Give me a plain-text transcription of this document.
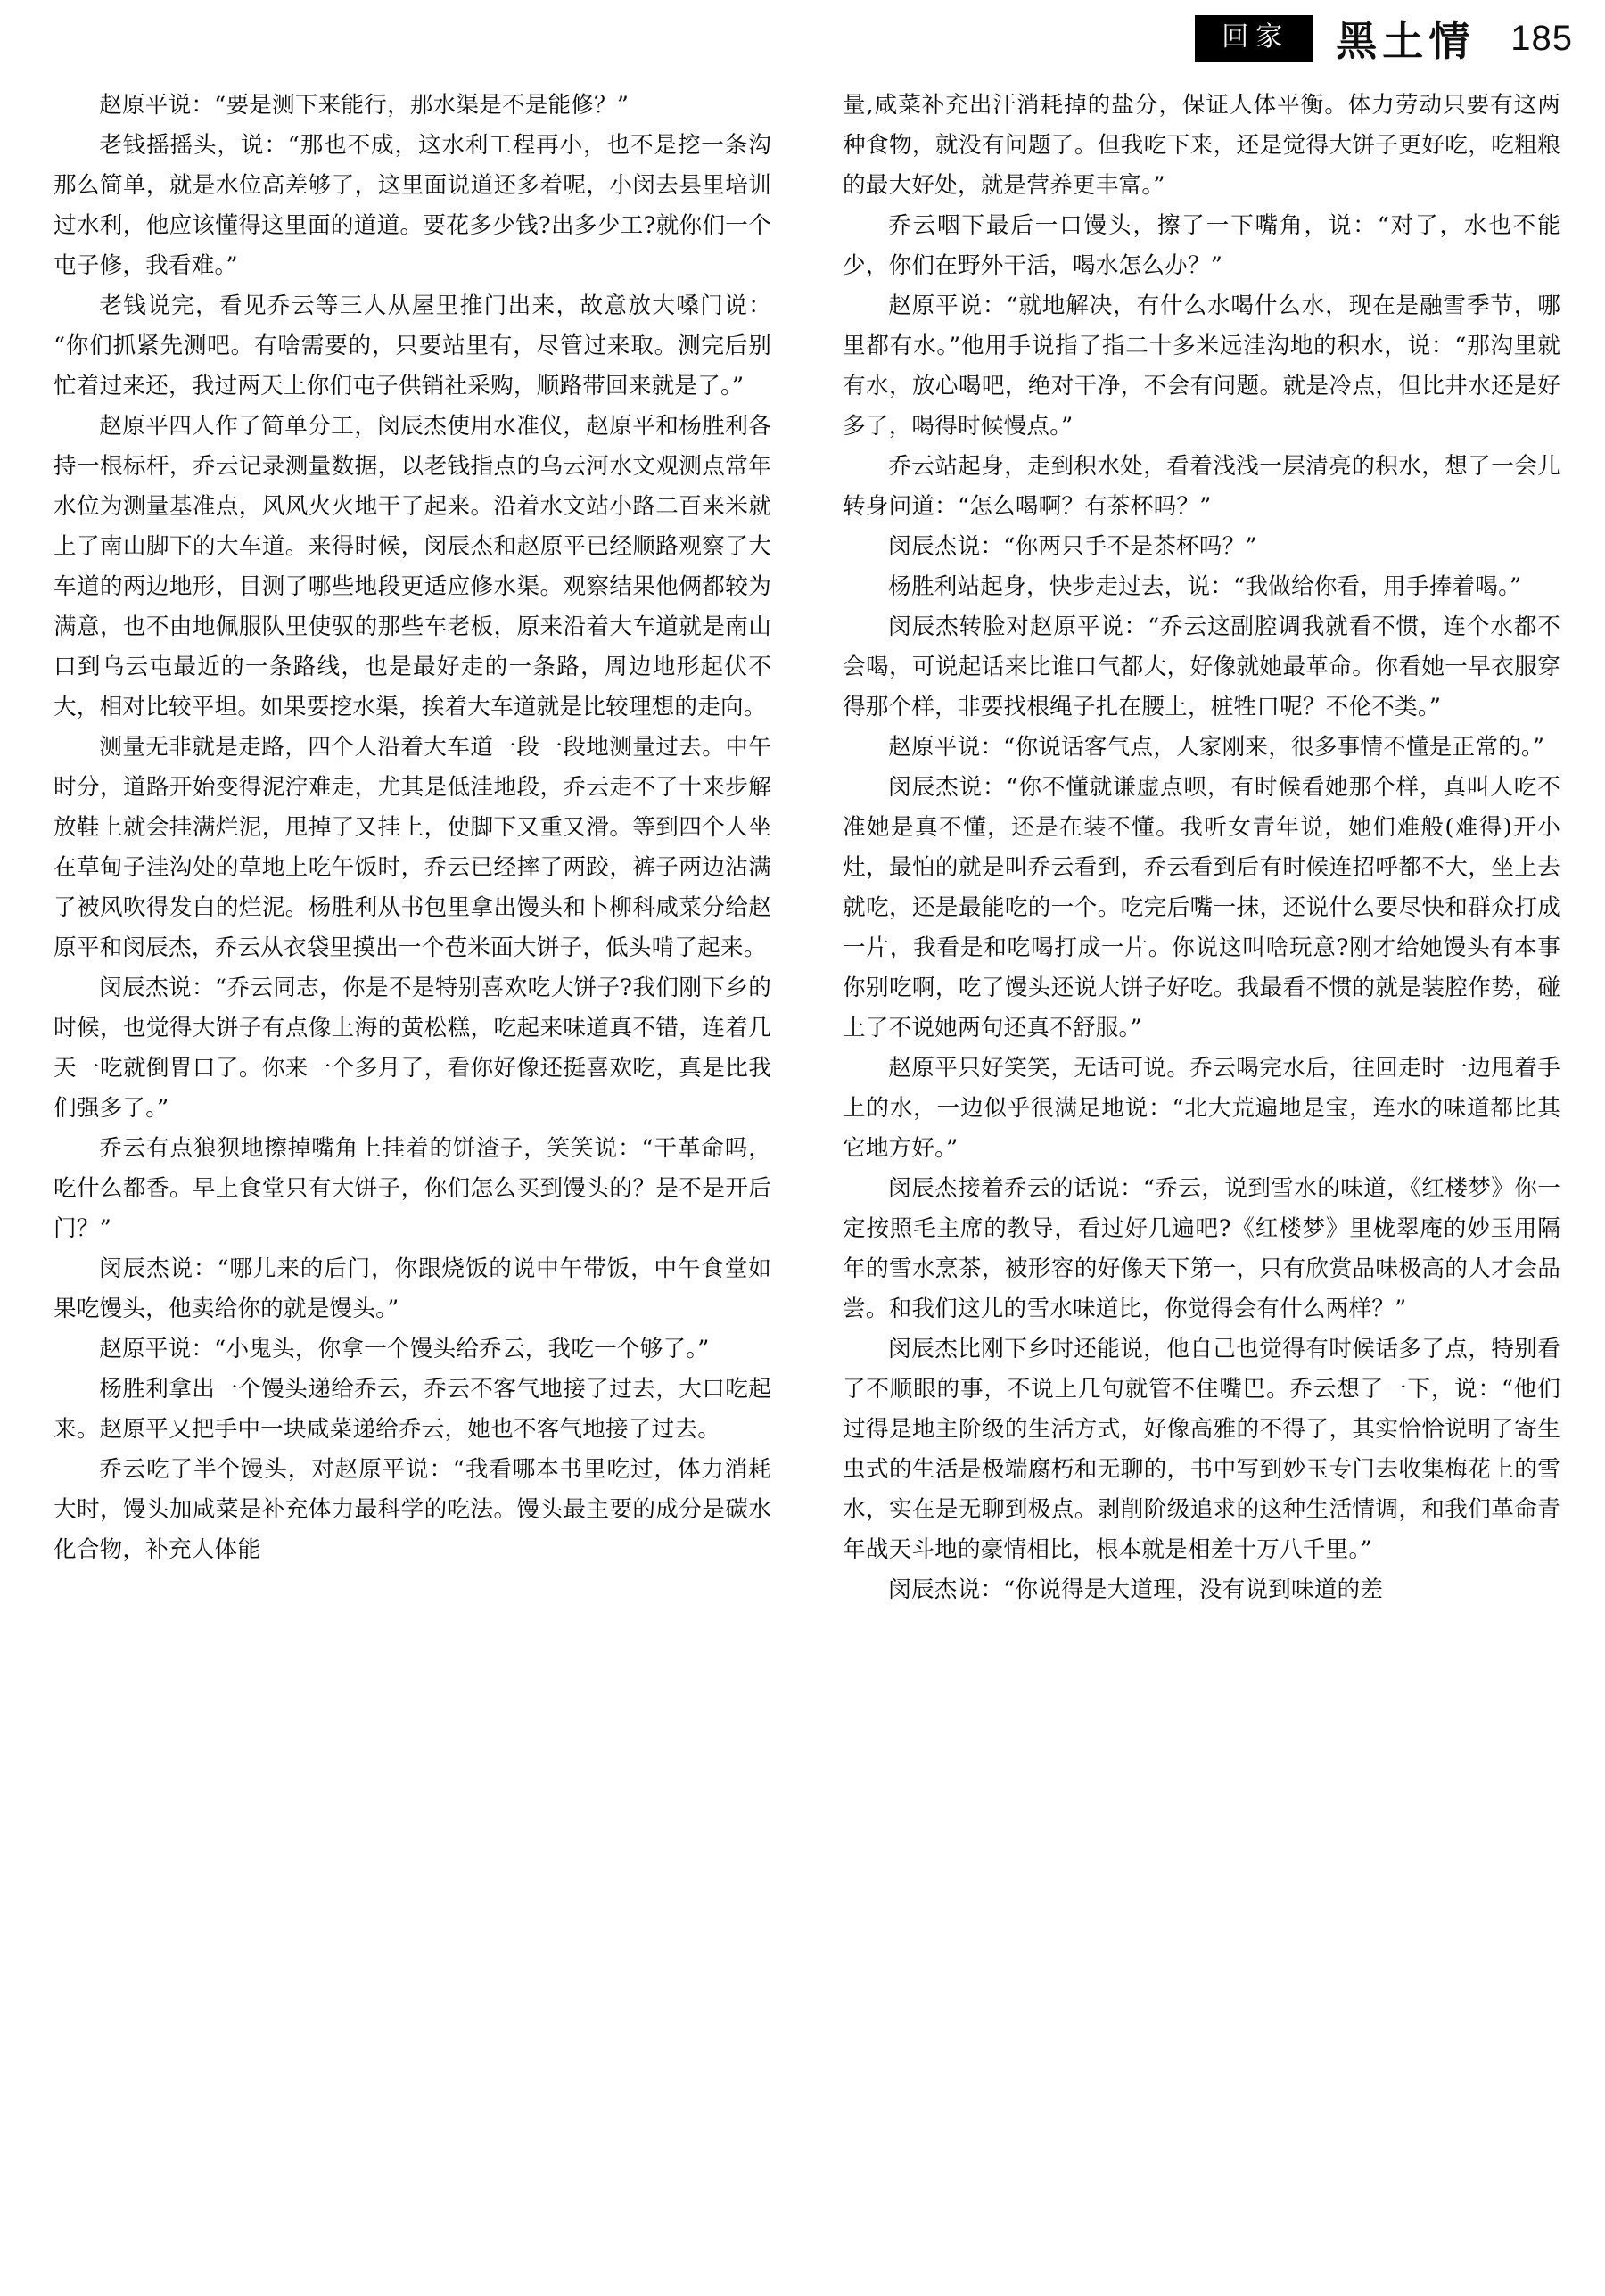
回家	黑土情 185

赵原平说：“要是测下来能行，那水渠是不是能修？”

老钱摇摇头，说：“那也不成，这水利工程再小，也不是挖一条沟那么简单，就是水位高差够了，这里面说道还多着呢，小闵去县里培训过水利，他应该懂得这里面的道道。要花多少钱?出多少工?就你们一个屯子修，我看难。”

老钱说完，看见乔云等三人从屋里推门出来，故意放大嗓门说：“你们抓紧先测吧。有啥需要的，只要站里有，尽管过来取。测完后别忙着过来还，我过两天上你们屯子供销社采购，顺路带回来就是了。”

赵原平四人作了简单分工，闵辰杰使用水准仪，赵原平和杨胜利各持一根标杆，乔云记录测量数据，以老钱指点的乌云河水文观测点常年水位为测量基准点，风风火火地干了起来。沿着水文站小路二百来米就上了南山脚下的大车道。来得时候，闵辰杰和赵原平已经顺路观察了大车道的两边地形，目测了哪些地段更适应修水渠。观察结果他俩都较为满意，也不由地佩服队里使驭的那些车老板，原来沿着大车道就是南山口到乌云屯最近的一条路线，也是最好走的一条路，周边地形起伏不大，相对比较平坦。如果要挖水渠，挨着大车道就是比较理想的走向。

测量无非就是走路，四个人沿着大车道一段一段地测量过去。中午时分，道路开始变得泥泞难走，尤其是低洼地段，乔云走不了十来步解放鞋上就会挂满烂泥，甩掉了又挂上，使脚下又重又滑。等到四个人坐在草甸子洼沟处的草地上吃午饭时，乔云已经摔了两跤，裤子两边沾满了被风吹得发白的烂泥。杨胜利从书包里拿出馒头和卜柳科咸菜分给赵原平和闵辰杰，乔云从衣袋里摸出一个苞米面大饼子，低头啃了起来。

闵辰杰说：“乔云同志，你是不是特别喜欢吃大饼子?我们刚下乡的时候，也觉得大饼子有点像上海的黄松糕，吃起来味道真不错，连着几天一吃就倒胃口了。你来一个多月了，看你好像还挺喜欢吃，真是比我们强多了。”

乔云有点狼狈地擦掉嘴角上挂着的饼渣子，笑笑说：“干革命吗，吃什么都香。早上食堂只有大饼子，你们怎么买到馒头的？是不是开后门？”

闵辰杰说：“哪儿来的后门，你跟烧饭的说中午带饭，中午食堂如果吃馒头，他卖给你的就是馒头。”

赵原平说：“小鬼头，你拿一个馒头给乔云，我吃一个够了。”

杨胜利拿出一个馒头递给乔云，乔云不客气地接了过去，大口吃起来。赵原平又把手中一块咸菜递给乔云，她也不客气地接了过去。

乔云吃了半个馒头，对赵原平说：“我看哪本书里吃过，体力消耗大时，馒头加咸菜是补充体力最科学的吃法。馒头最主要的成分是碳水化合物，补充人体能

量,咸菜补充出汗消耗掉的盐分，保证人体平衡。体力劳动只要有这两种食物，就没有问题了。但我吃下来，还是觉得大饼子更好吃，吃粗粮的最大好处，就是营养更丰富。”

乔云咽下最后一口馒头，擦了一下嘴角，说：“对了，水也不能少，你们在野外干活，喝水怎么办？”

赵原平说：“就地解决，有什么水喝什么水，现在是融雪季节，哪里都有水。”他用手说指了指二十多米远洼沟地的积水，说：“那沟里就有水，放心喝吧，绝对干净，不会有问题。就是冷点，但比井水还是好多了，喝得时候慢点。”

乔云站起身，走到积水处，看着浅浅一层清亮的积水，想了一会儿转身问道：“怎么喝啊？有茶杯吗？”

闵辰杰说：“你两只手不是茶杯吗？”

杨胜利站起身，快步走过去，说：“我做给你看，用手捧着喝。”

闵辰杰转脸对赵原平说：“乔云这副腔调我就看不惯，连个水都不会喝，可说起话来比谁口气都大，好像就她最革命。你看她一早衣服穿得那个样，非要找根绳子扎在腰上，桩牲口呢？不伦不类。”

赵原平说：“你说话客气点，人家刚来，很多事情不懂是正常的。”

闵辰杰说：“你不懂就谦虚点呗，有时候看她那个样，真叫人吃不准她是真不懂，还是在装不懂。我听女青年说，她们难般(难得)开小灶，最怕的就是叫乔云看到，乔云看到后有时候连招呼都不大，坐上去就吃，还是最能吃的一个。吃完后嘴一抹，还说什么要尽快和群众打成一片，我看是和吃喝打成一片。你说这叫啥玩意?刚才给她馒头有本事你别吃啊，吃了馒头还说大饼子好吃。我最看不惯的就是装腔作势，碰上了不说她两句还真不舒服。”

赵原平只好笑笑，无话可说。乔云喝完水后，往回走时一边甩着手上的水，一边似乎很满足地说：“北大荒遍地是宝，连水的味道都比其它地方好。”

闵辰杰接着乔云的话说：“乔云，说到雪水的味道，《红楼梦》你一定按照毛主席的教导，看过好几遍吧?《红楼梦》里栊翠庵的妙玉用隔年的雪水烹茶，被形容的好像天下第一，只有欣赏品味极高的人才会品尝。和我们这儿的雪水味道比，你觉得会有什么两样？”

闵辰杰比刚下乡时还能说，他自己也觉得有时候话多了点，特别看了不顺眼的事，不说上几句就管不住嘴巴。乔云想了一下，说：“他们过得是地主阶级的生活方式，好像高雅的不得了，其实恰恰说明了寄生虫式的生活是极端腐朽和无聊的，书中写到妙玉专门去收集梅花上的雪水，实在是无聊到极点。剥削阶级追求的这种生活情调，和我们革命青年战天斗地的豪情相比，根本就是相差十万八千里。”

闵辰杰说：“你说得是大道理，没有说到味道的差
